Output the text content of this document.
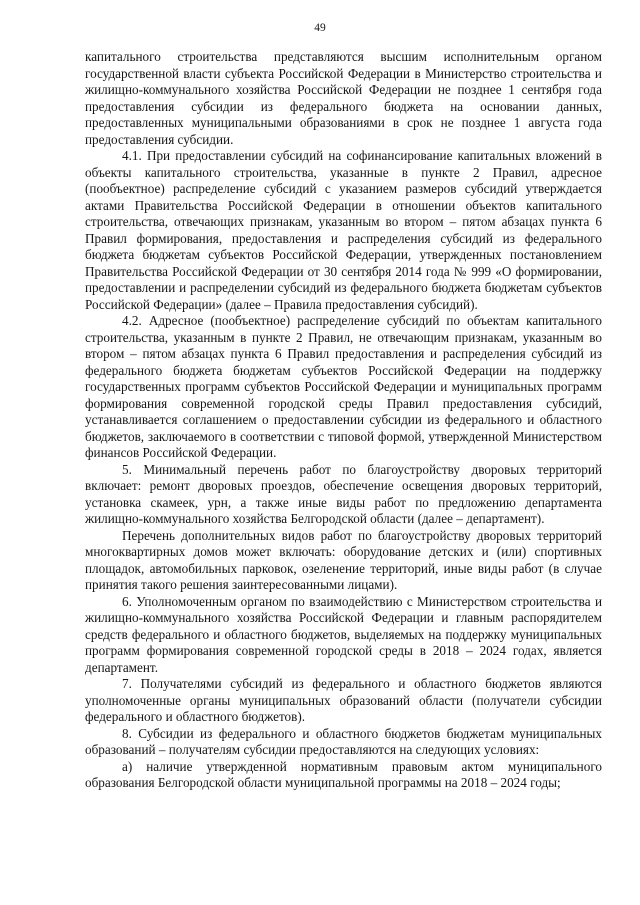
49

капитального строительства представляются высшим исполнительным органом государственной власти субъекта Российской Федерации в Министерство строительства и жилищно-коммунального хозяйства Российской Федерации не позднее 1 сентября года предоставления субсидии из федерального бюджета на основании данных, предоставленных муниципальными образованиями в срок не позднее 1 августа года предоставления субсидии.

4.1. При предоставлении субсидий на софинансирование капитальных вложений в объекты капитального строительства, указанные в пункте 2 Правил, адресное (пообъектное) распределение субсидий с указанием размеров субсидий утверждается актами Правительства Российской Федерации в отношении объектов капитального строительства, отвечающих признакам, указанным во втором – пятом абзацах пункта 6 Правил формирования, предоставления и распределения субсидий из федерального бюджета бюджетам субъектов Российской Федерации, утвержденных постановлением Правительства Российской Федерации от 30 сентября 2014 года № 999 «О формировании, предоставлении и распределении субсидий из федерального бюджета бюджетам субъектов Российской Федерации» (далее – Правила предоставления субсидий).

4.2. Адресное (пообъектное) распределение субсидий по объектам капитального строительства, указанным в пункте 2 Правил, не отвечающим признакам, указанным во втором – пятом абзацах пункта 6 Правил предоставления и распределения субсидий из федерального бюджета бюджетам субъектов Российской Федерации на поддержку государственных программ субъектов Российской Федерации и муниципальных программ формирования современной городской среды Правил предоставления субсидий, устанавливается соглашением о предоставлении субсидии из федерального и областного бюджетов, заключаемого в соответствии с типовой формой, утвержденной Министерством финансов Российской Федерации.

5. Минимальный перечень работ по благоустройству дворовых территорий включает: ремонт дворовых проездов, обеспечение освещения дворовых территорий, установка скамеек, урн, а также иные виды работ по предложению департамента жилищно-коммунального хозяйства Белгородской области (далее – департамент).

Перечень дополнительных видов работ по благоустройству дворовых территорий многоквартирных домов может включать: оборудование детских и (или) спортивных площадок, автомобильных парковок, озеленение территорий, иные виды работ (в случае принятия такого решения заинтересованными лицами).

6. Уполномоченным органом по взаимодействию с Министерством строительства и жилищно-коммунального хозяйства Российской Федерации и главным распорядителем средств федерального и областного бюджетов, выделяемых на поддержку муниципальных программ формирования современной городской среды в 2018 – 2024 годах, является департамент.

7. Получателями субсидий из федерального и областного бюджетов являются уполномоченные органы муниципальных образований области (получатели субсидии федерального и областного бюджетов).

8. Субсидии из федерального и областного бюджетов бюджетам муниципальных образований – получателям субсидии предоставляются на следующих условиях:

а) наличие утвержденной нормативным правовым актом муниципального образования Белгородской области муниципальной программы на 2018 – 2024 годы;
